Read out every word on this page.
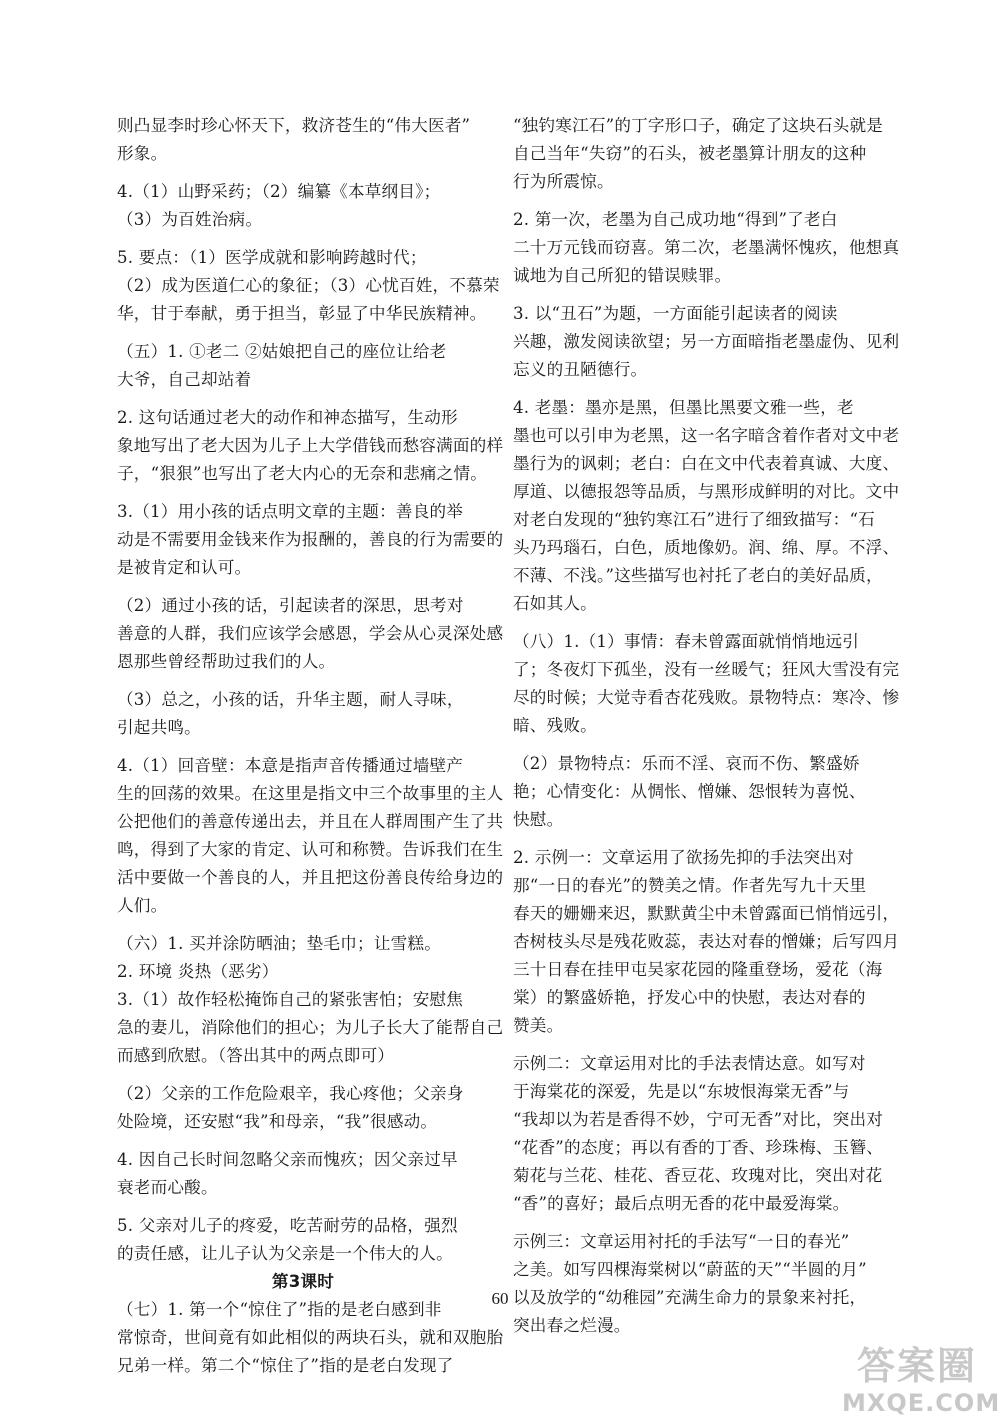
则凸显李时珍心怀天下，救济苍生的“伟大医者”
形象。
4.（1）山野采药；（2）编纂《本草纲目》；
（3）为百姓治病。
5. 要点：（1）医学成就和影响跨越时代；
（2）成为医道仁心的象征；（3）心忧百姓，不慕荣
华，甘于奉献，勇于担当，彰显了中华民族精神。
（五）1. ①老二 ②姑娘把自己的座位让给老
大爷，自己却站着
2. 这句话通过老大的动作和神态描写，生动形
象地写出了老大因为儿子上大学借钱而愁容满面的样
子，“狠狠”也写出了老大内心的无奈和悲痛之情。
3.（1）用小孩的话点明文章的主题：善良的举
动是不需要用金钱来作为报酬的，善良的行为需要的
是被肯定和认可。
（2）通过小孩的话，引起读者的深思，思考对
善意的人群，我们应该学会感恩，学会从心灵深处感
恩那些曾经帮助过我们的人。
（3）总之，小孩的话，升华主题，耐人寻味，
引起共鸣。
4.（1）回音壁：本意是指声音传播通过墙壁产
生的回荡的效果。在这里是指文中三个故事里的主人
公把他们的善意传递出去，并且在人群周围产生了共
鸣，得到了大家的肯定、认可和称赞。告诉我们在生
活中要做一个善良的人，并且把这份善良传给身边的
人们。
（六）1. 买并涂防晒油；垫毛巾；让雪糕。
2. 环境 炎热（恶劣）
3.（1）故作轻松掩饰自己的紧张害怕；安慰焦
急的妻儿，消除他们的担心；为儿子长大了能帮自己
而感到欣慰。（答出其中的两点即可）
（2）父亲的工作危险艰辛，我心疼他；父亲身
处险境，还安慰“我”和母亲，“我”很感动。
4. 因自己长时间忽略父亲而愧疚；因父亲过早
衰老而心酸。
5. 父亲对儿子的疼爱，吃苦耐劳的品格，强烈
的责任感，让儿子认为父亲是一个伟大的人。
第3课时
（七）1. 第一个“惊住了”指的是老白感到非
常惊奇，世间竟有如此相似的两块石头，就和双胞胎
兄弟一样。第二个“惊住了”指的是老白发现了
“独钓寒江石”的丁字形口子，确定了这块石头就是
自己当年“失窃”的石头，被老墨算计朋友的这种
行为所震惊。
2. 第一次，老墨为自己成功地“得到”了老白
二十万元钱而窃喜。第二次，老墨满怀愧疚，他想真
诚地为自己所犯的错误赎罪。
3. 以“丑石”为题，一方面能引起读者的阅读
兴趣，激发阅读欲望；另一方面暗指老墨虚伪、见利
忘义的丑陋德行。
4. 老墨：墨亦是黑，但墨比黑要文雅一些，老
墨也可以引申为老黑，这一名字暗含着作者对文中老
墨行为的讽刺；老白：白在文中代表着真诚、大度、
厚道、以德报怨等品质，与黑形成鲜明的对比。文中
对老白发现的“独钓寒江石”进行了细致描写：“石
头乃玛瑙石，白色，质地像奶。润、绵、厚。不浮、
不薄、不浅。”这些描写也衬托了老白的美好品质，
石如其人。
（八）1.（1）事情：春未曾露面就悄悄地远引
了；冬夜灯下孤坐，没有一丝暖气；狂风大雪没有完
尽的时候；大觉寺看杏花残败。景物特点：寒冷、惨
暗、残败。
（2）景物特点：乐而不淫、哀而不伤、繁盛娇
艳；心情变化：从惆怅、憎嫌、怨恨转为喜悦、
快慰。
2. 示例一：文章运用了欲扬先抑的手法突出对
那“一日的春光”的赞美之情。作者先写九十天里
春天的姗姗来迟，默默黄尘中未曾露面已悄悄远引，
杏树枝头尽是残花败蕊，表达对春的憎嫌；后写四月
三十日春在挂甲屯吴家花园的隆重登场，爱花（海
棠）的繁盛娇艳，抒发心中的快慰，表达对春的
赞美。
示例二：文章运用对比的手法表情达意。如写对
于海棠花的深爱，先是以“东坡恨海棠无香”与
“我却以为若是香得不妙，宁可无香”对比，突出对
“花香”的态度；再以有香的丁香、珍珠梅、玉簪、
菊花与兰花、桂花、香豆花、玫瑰对比，突出对花
“香”的喜好；最后点明无香的花中最爱海棠。
示例三：文章运用衬托的手法写“一日的春光”
之美。如写四棵海棠树以“蔚蓝的天”“半圆的月”
以及放学的“幼稚园”充满生命力的景象来衬托，
突出春之烂漫。
60
答案圈
MXQE.COM
